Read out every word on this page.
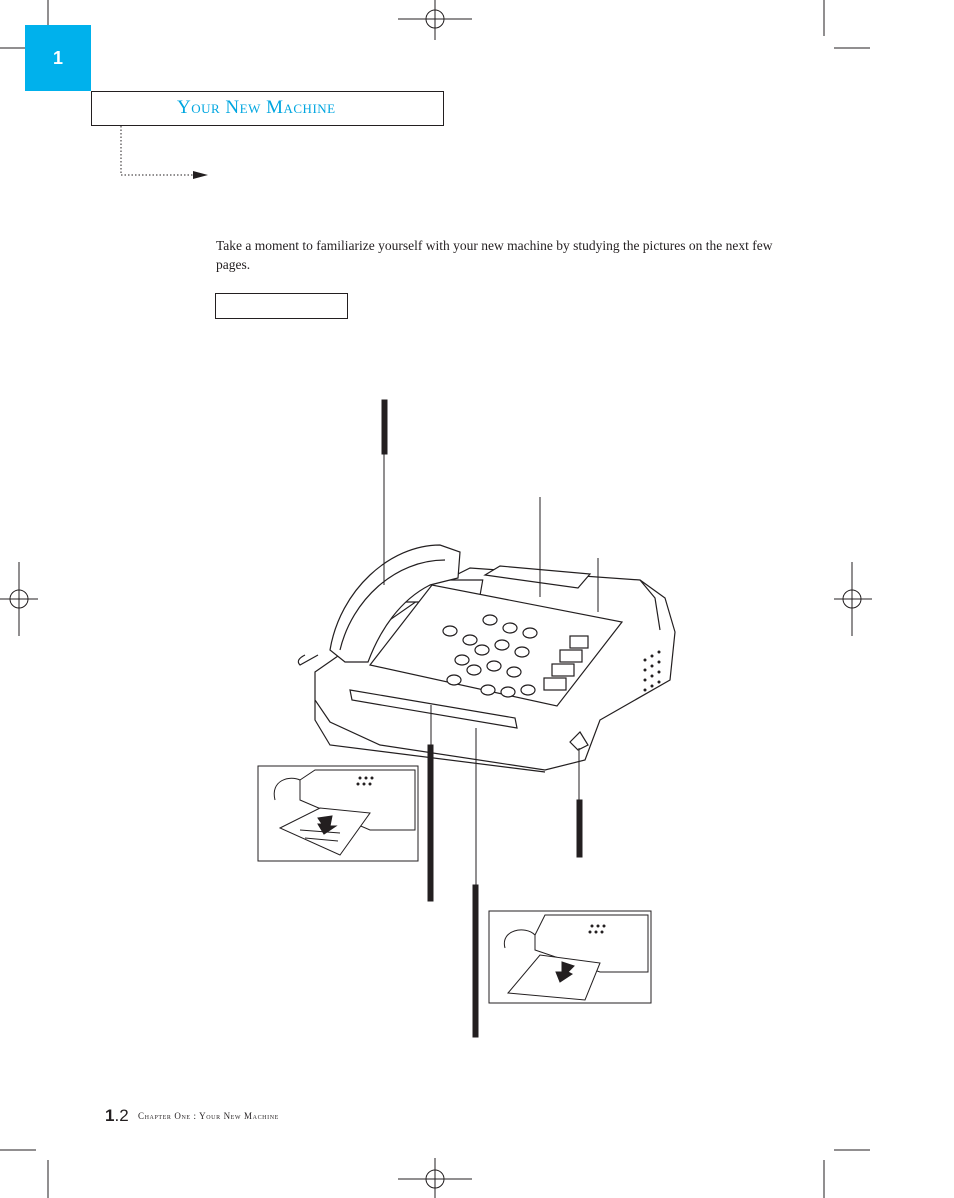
1
Your New Machine
Take a moment to familiarize yourself with your new machine by studying the pictures on the next few pages.
1.2 Chapter One : Your New Machine
